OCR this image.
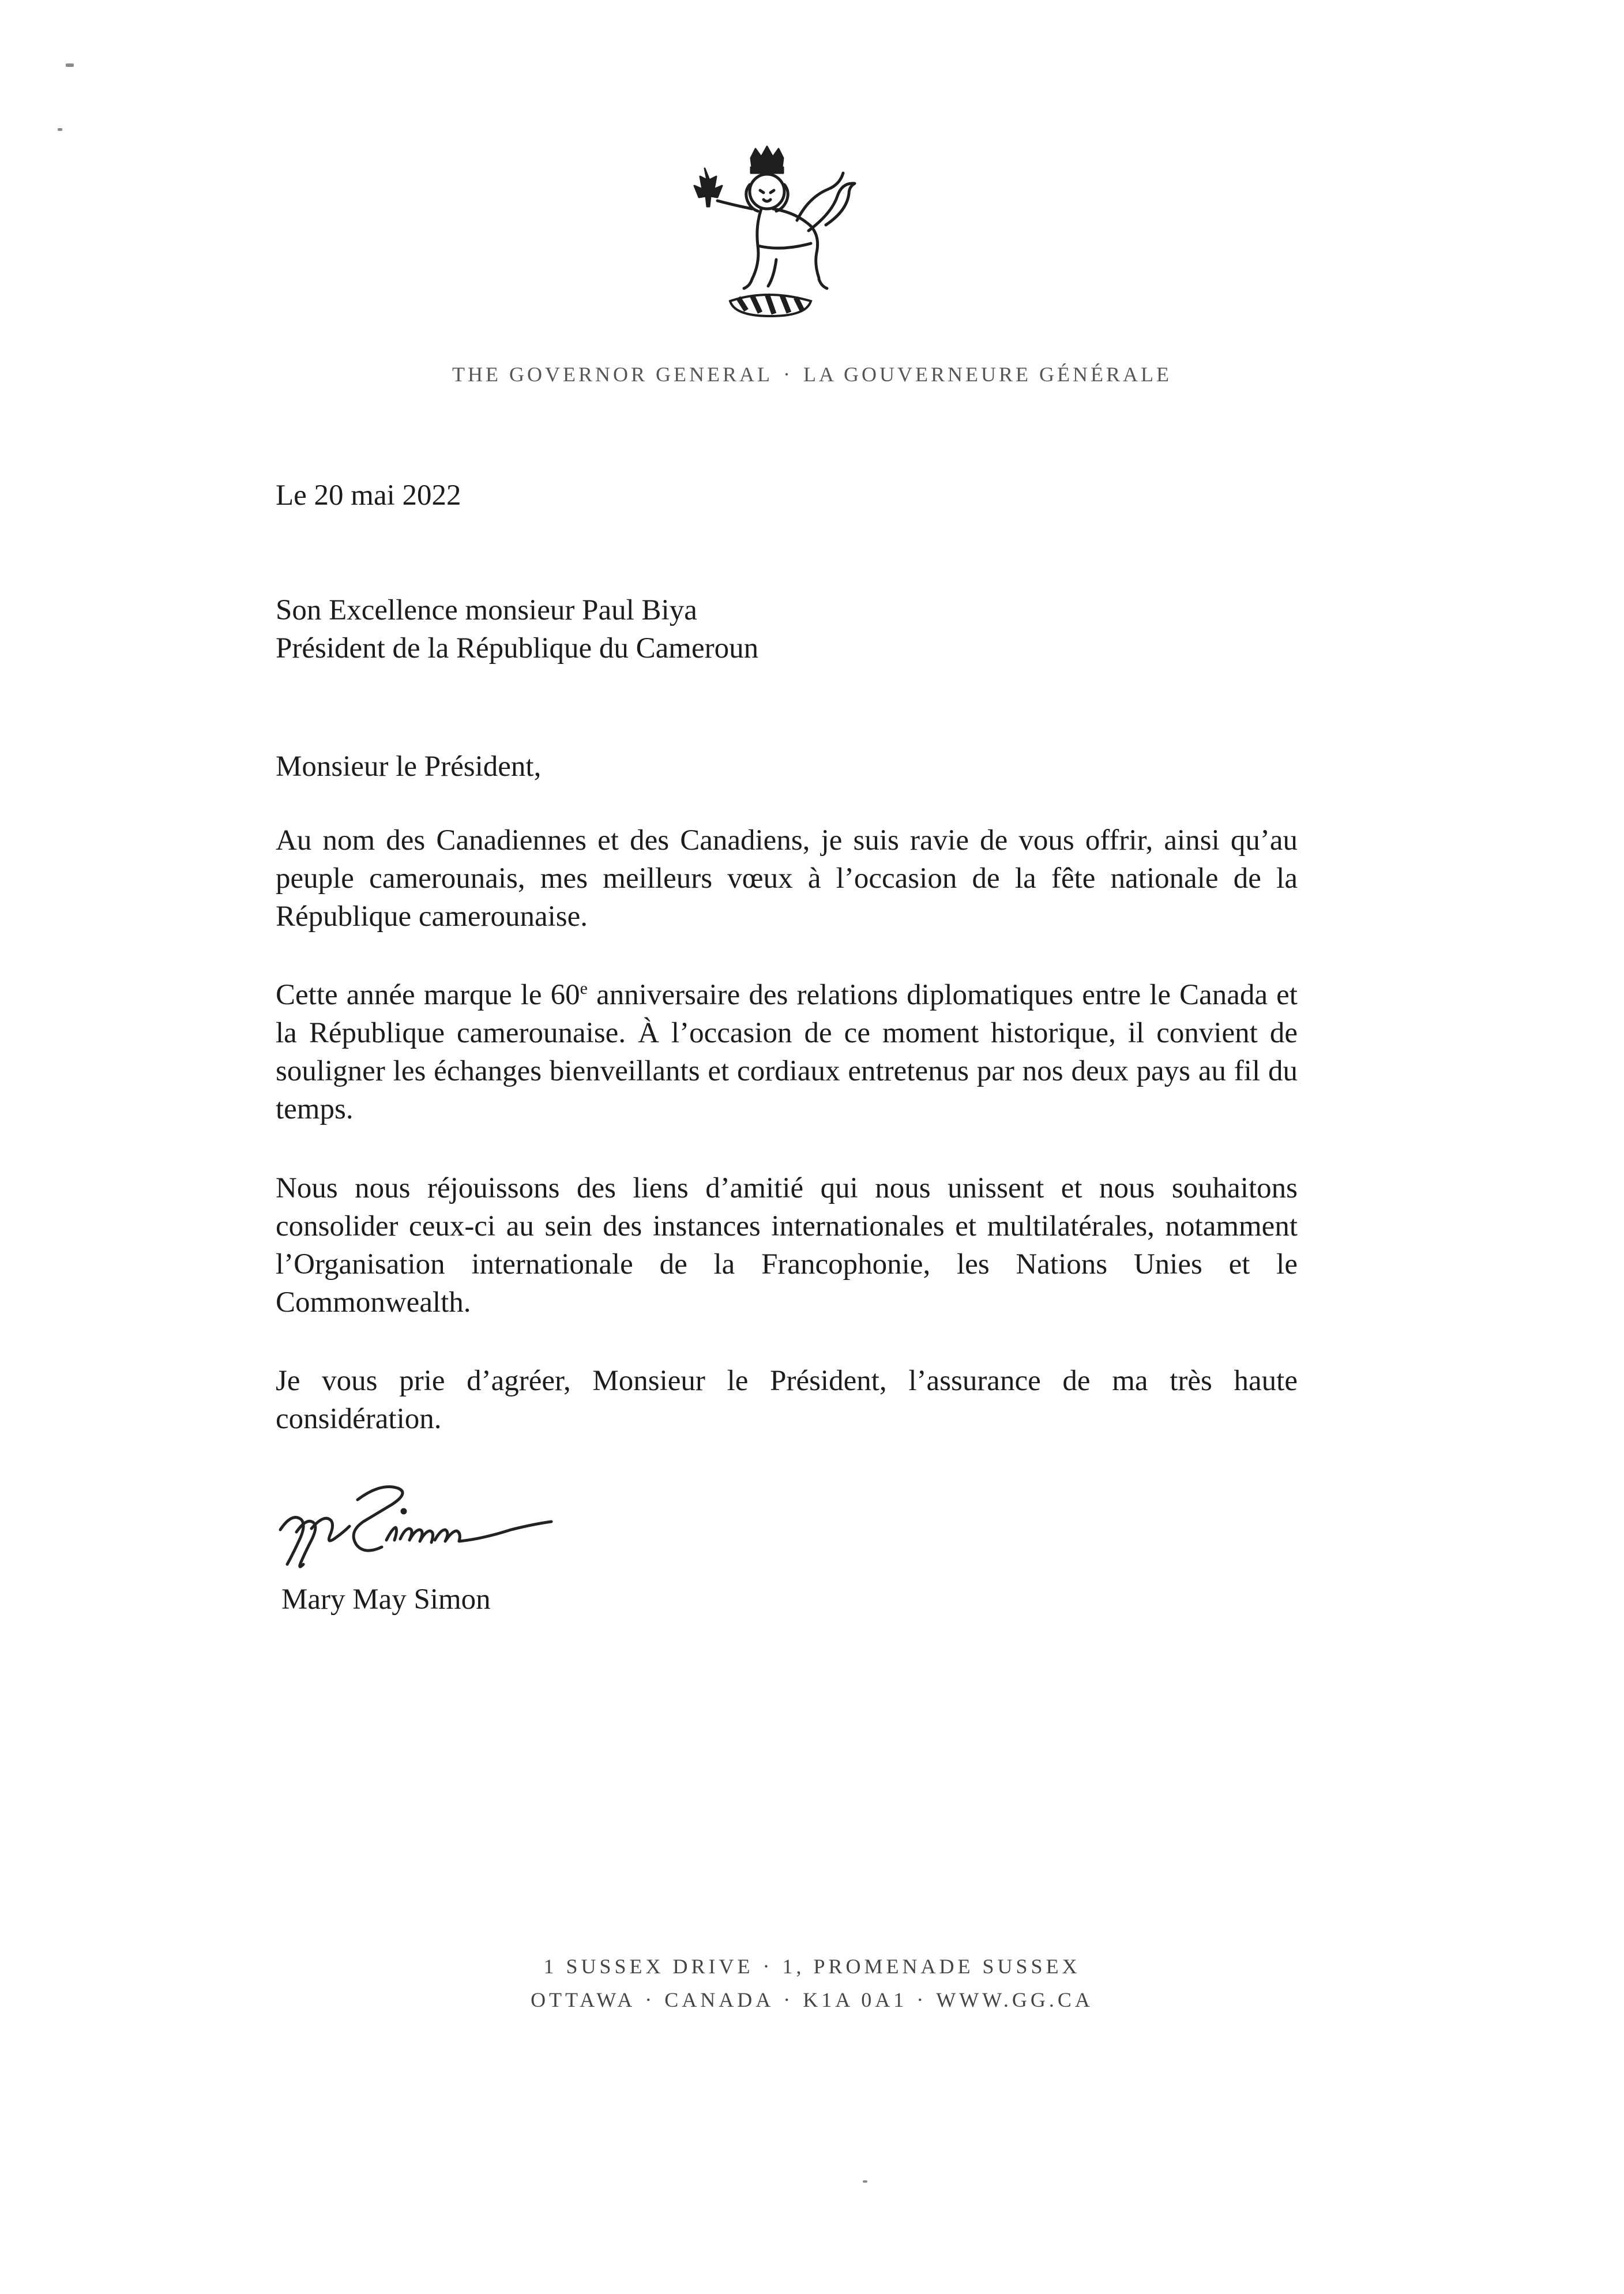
THE GOVERNOR GENERAL · LA GOUVERNEURE GÉNÉRALE
Le 20 mai 2022
Son Excellence monsieur Paul Biya
Président de la République du Cameroun
Monsieur le Président,
Au nom des Canadiennes et des Canadiens, je suis ravie de vous offrir, ainsi qu’au peuple camerounais, mes meilleurs vœux à l’occasion de la fête nationale de la République camerounaise.
Cette année marque le 60e anniversaire des relations diplomatiques entre le Canada et la République camerounaise. À l’occasion de ce moment historique, il convient de souligner les échanges bienveillants et cordiaux entretenus par nos deux pays au fil du temps.
Nous nous réjouissons des liens d’amitié qui nous unissent et nous souhaitons consolider ceux-ci au sein des instances internationales et multilatérales, notamment l’Organisation internationale de la Francophonie, les Nations Unies et le Commonwealth.
Je vous prie d’agréer, Monsieur le Président, l’assurance de ma très haute considération.
Mary May Simon
1 SUSSEX DRIVE · 1, PROMENADE SUSSEX
OTTAWA · CANADA · K1A 0A1 · WWW.GG.CA
